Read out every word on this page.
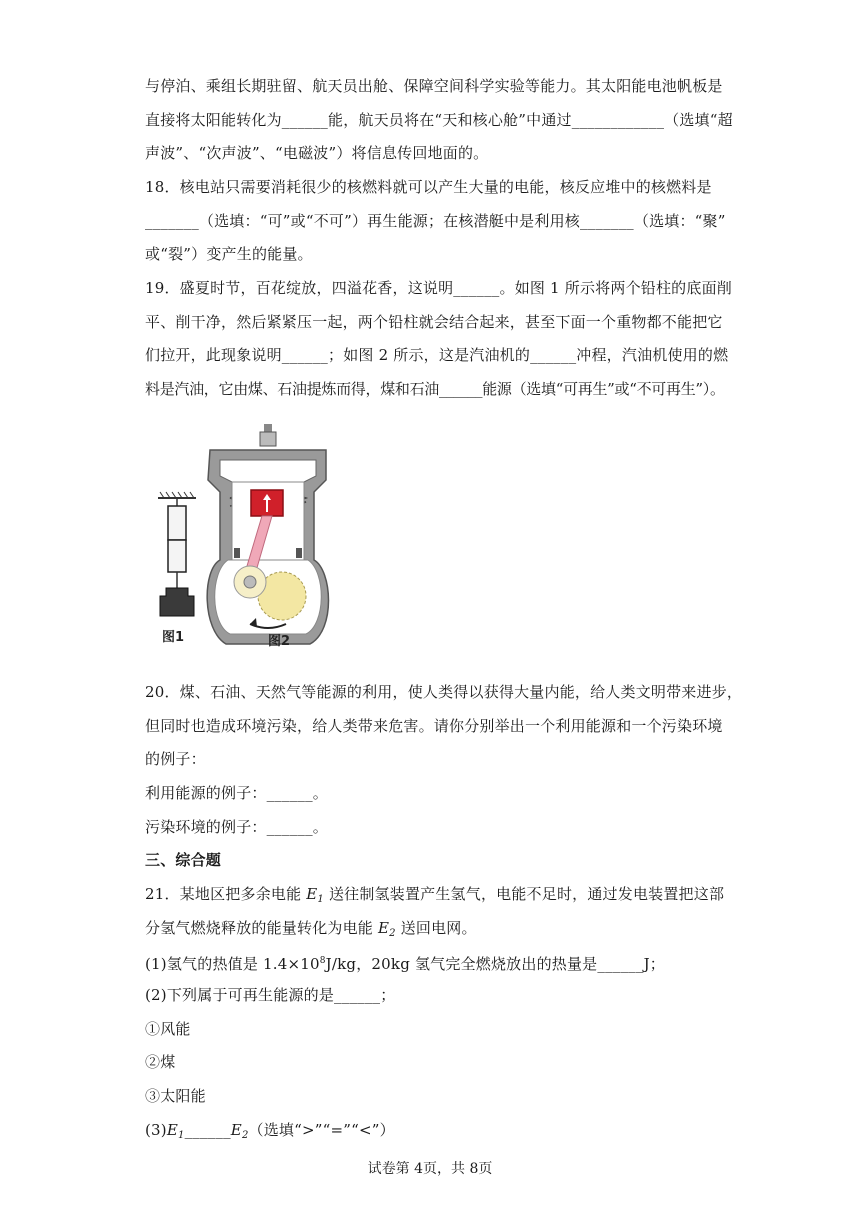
与停泊、乘组长期驻留、航天员出舱、保障空间科学实验等能力。其太阳能电池帆板是
直接将太阳能转化为______能，航天员将在“天和核心舱”中通过____________（选填“超
声波”、“次声波”、“电磁波”）将信息传回地面的。
18．核电站只需要消耗很少的核燃料就可以产生大量的电能，核反应堆中的核燃料是
_______（选填：“可”或“不可”）再生能源；在核潜艇中是利用核_______（选填：“聚”
或“裂”）变产生的能量。
19．盛夏时节，百花绽放，四溢花香，这说明______。如图 1 所示将两个铅柱的底面削
平、削干净，然后紧紧压一起，两个铅柱就会结合起来，甚至下面一个重物都不能把它
们拉开，此现象说明______；如图 2 所示，这是汽油机的______冲程，汽油机使用的燃
料是汽油，它由煤、石油提炼而得，煤和石油______能源（选填“可再生”或“不可再生”）。
图1	图2
20．煤、石油、天然气等能源的利用，使人类得以获得大量内能，给人类文明带来进步，
但同时也造成环境污染，给人类带来危害。请你分别举出一个利用能源和一个污染环境
的例子：
利用能源的例子：______。
污染环境的例子：______。
三、综合题
21．某地区把多余电能 $E_1$ 送往制氢装置产生氢气，电能不足时，通过发电装置把这部
分氢气燃烧释放的能量转化为电能 $E_2$ 送回电网。
(1)氢气的热值是 $1.4\times 10^8J/kg$，20kg 氢气完全燃烧放出的热量是______J；
(2)下列属于可再生能源的是______；
①风能
②煤
③太阳能
$(3)E_1\_\_\_\_\_\_E_2$（选填“>”“=”“<”）
试卷第 4页，共 8页
